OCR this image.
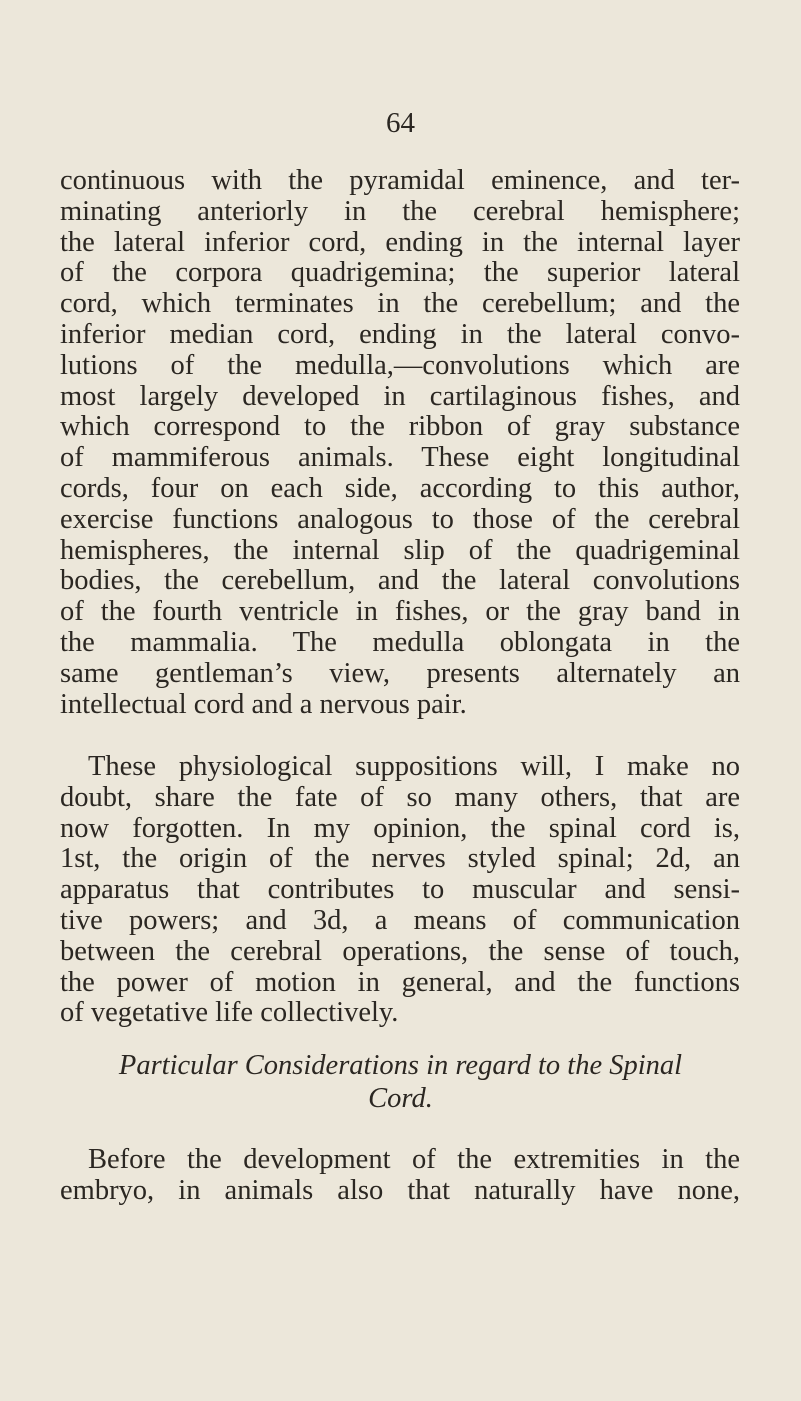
64
continuous with the pyramidal eminence, and ter-
minating anteriorly in the cerebral hemisphere;
the lateral inferior cord, ending in the internal layer
of the corpora quadrigemina; the superior lateral
cord, which terminates in the cerebellum; and the
inferior median cord, ending in the lateral convo-
lutions of the medulla,—convolutions which are
most largely developed in cartilaginous fishes, and
which correspond to the ribbon of gray substance
of mammiferous animals. These eight longitudinal
cords, four on each side, according to this author,
exercise functions analogous to those of the cerebral
hemispheres, the internal slip of the quadrigeminal
bodies, the cerebellum, and the lateral convolutions
of the fourth ventricle in fishes, or the gray band in
the mammalia. The medulla oblongata in the
same gentleman’s view, presents alternately an
intellectual cord and a nervous pair.
These physiological suppositions will, I make no
doubt, share the fate of so many others, that are
now forgotten. In my opinion, the spinal cord is,
1st, the origin of the nerves styled spinal; 2d, an
apparatus that contributes to muscular and sensi-
tive powers; and 3d, a means of communication
between the cerebral operations, the sense of touch,
the power of motion in general, and the functions
of vegetative life collectively.
Particular Considerations in regard to the Spinal
Cord.
Before the development of the extremities in the
embryo, in animals also that naturally have none,
